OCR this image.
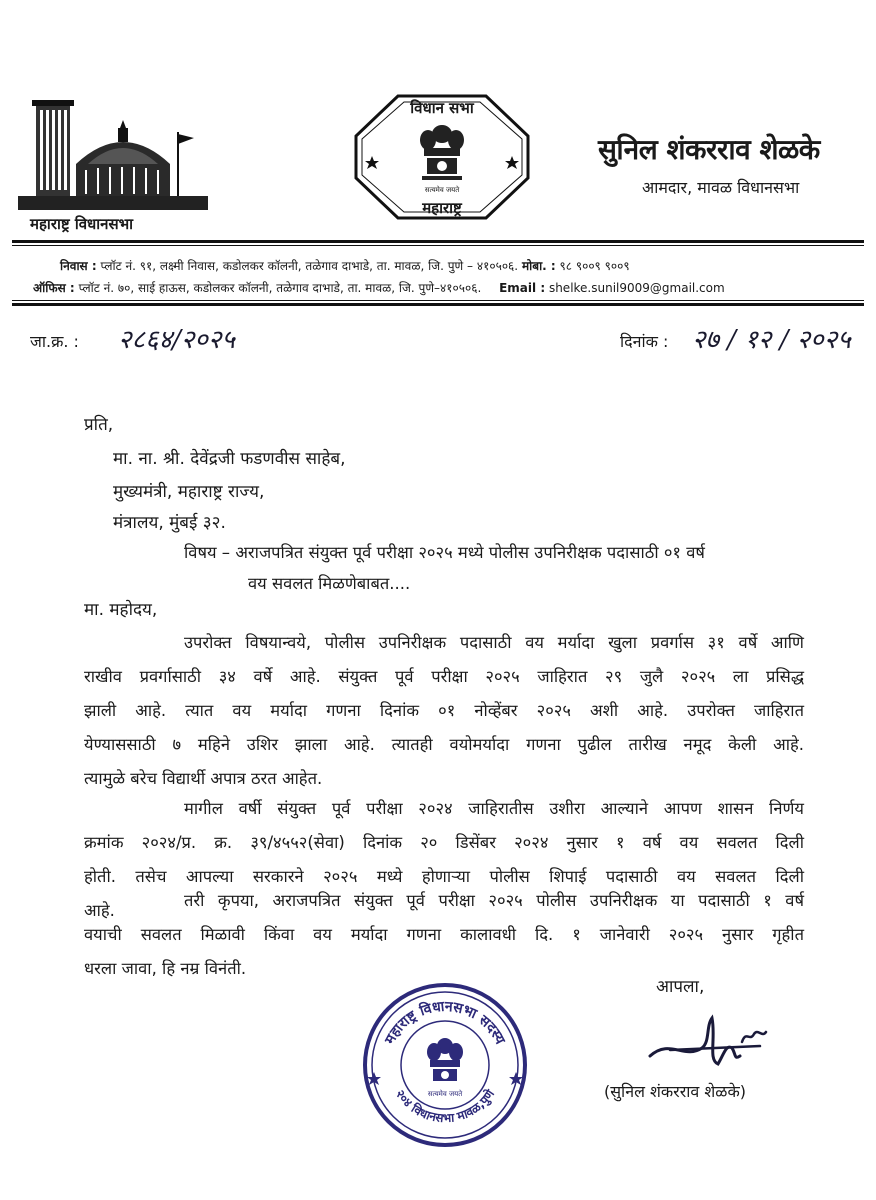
महाराष्ट्र विधानसभा
विधान सभा
सत्यमेव जयते
महाराष्ट्र
सुनिल शंकरराव शेळके
आमदार, मावळ विधानसभा
निवास : प्लॉट नं. ९१, लक्ष्मी निवास, कडोलकर कॉलनी, तळेगाव दाभाडे, ता. मावळ, जि. पुणे – ४१०५०६. मोबा. : ९८ ९००९ ९००९
ऑफिस : प्लॉट नं. ७०, साई हाऊस, कडोलकर कॉलनी, तळेगाव दाभाडे, ता. मावळ, जि. पुणे–४१०५०६. Email : shelke.sunil9009@gmail.com
जा.क्र. : २८६४/२०२५	दिनांक : २७ / १२ / २०२५
प्रति,
मा. ना. श्री. देवेंद्रजी फडणवीस साहेब,
मुख्यमंत्री, महाराष्ट्र राज्य,
मंत्रालय, मुंबई ३२.
विषय – अराजपत्रित संयुक्त पूर्व परीक्षा २०२५ मध्ये पोलीस उपनिरीक्षक पदासाठी ०१ वर्ष
वय सवलत मिळणेबाबत....
मा. महोदय,
उपरोक्त विषयान्वये, पोलीस उपनिरीक्षक पदासाठी वय मर्यादा खुला प्रवर्गास ३१ वर्षे आणि
राखीव प्रवर्गासाठी ३४ वर्षे आहे. संयुक्त पूर्व परीक्षा २०२५ जाहिरात २९ जुलै २०२५ ला प्रसिद्ध
झाली आहे. त्यात वय मर्यादा गणना दिनांक ०१ नोव्हेंबर २०२५ अशी आहे. उपरोक्त जाहिरात
येण्याससाठी ७ महिने उशिर झाला आहे. त्यातही वयोमर्यादा गणना पुढील तारीख नमूद केली आहे.
त्यामुळे बरेच विद्यार्थी अपात्र ठरत आहेत.
मागील वर्षी संयुक्त पूर्व परीक्षा २०२४ जाहिरातीस उशीरा आल्याने आपण शासन निर्णय
क्रमांक २०२४/प्र. क्र. ३९/४५५२(सेवा) दिनांक २० डिसेंबर २०२४ नुसार १ वर्ष वय सवलत दिली
होती. तसेच आपल्या सरकारने २०२५ मध्ये होणाऱ्या पोलीस शिपाई पदासाठी वय सवलत दिली
आहे.
तरी कृपया, अराजपत्रित संयुक्त पूर्व परीक्षा २०२५ पोलीस उपनिरीक्षक या पदासाठी १ वर्ष
वयाची सवलत मिळावी किंवा वय मर्यादा गणना कालावधी दि. १ जानेवारी २०२५ नुसार गृहीत
धरला जावा, हि नम्र विनंती.
महाराष्ट्र विधानसभा सदस्य
सत्यमेव जयते
२०४ विधानसभा मावळ,पुणे
आपला,
(सुनिल शंकरराव शेळके)
